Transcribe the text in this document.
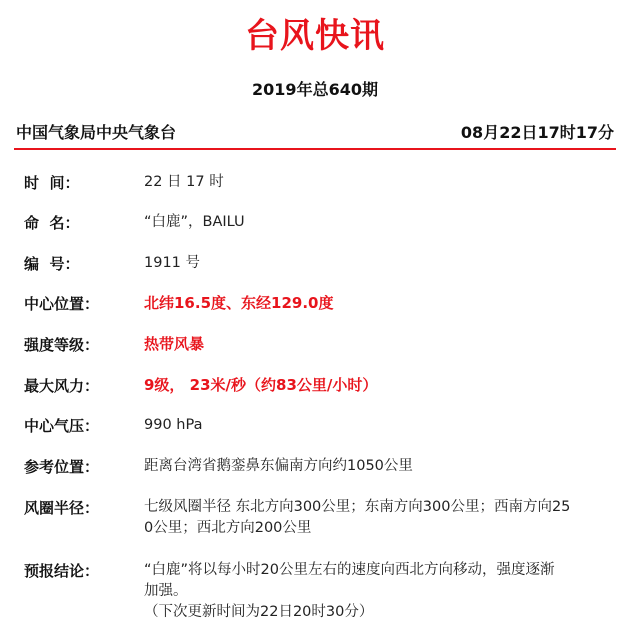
台风快讯
2019年总640期
中国气象局中央气象台	08月22日17时17分
时  间：	22 日 17 时
命  名：	“白鹿”，BAILU
编  号：	1911 号
中心位置：	北纬16.5度、东经129.0度
强度等级：	热带风暴
最大风力：	9级， 23米/秒（约83公里/小时）
中心气压：	990 hPa
参考位置：	距离台湾省鹅銮鼻东偏南方向约1050公里
风圈半径：	七级风圈半径 东北方向300公里；东南方向300公里；西南方向25
0公里；西北方向200公里
预报结论：	“白鹿”将以每小时20公里左右的速度向西北方向移动，强度逐渐
加强。
（下次更新时间为22日20时30分）
